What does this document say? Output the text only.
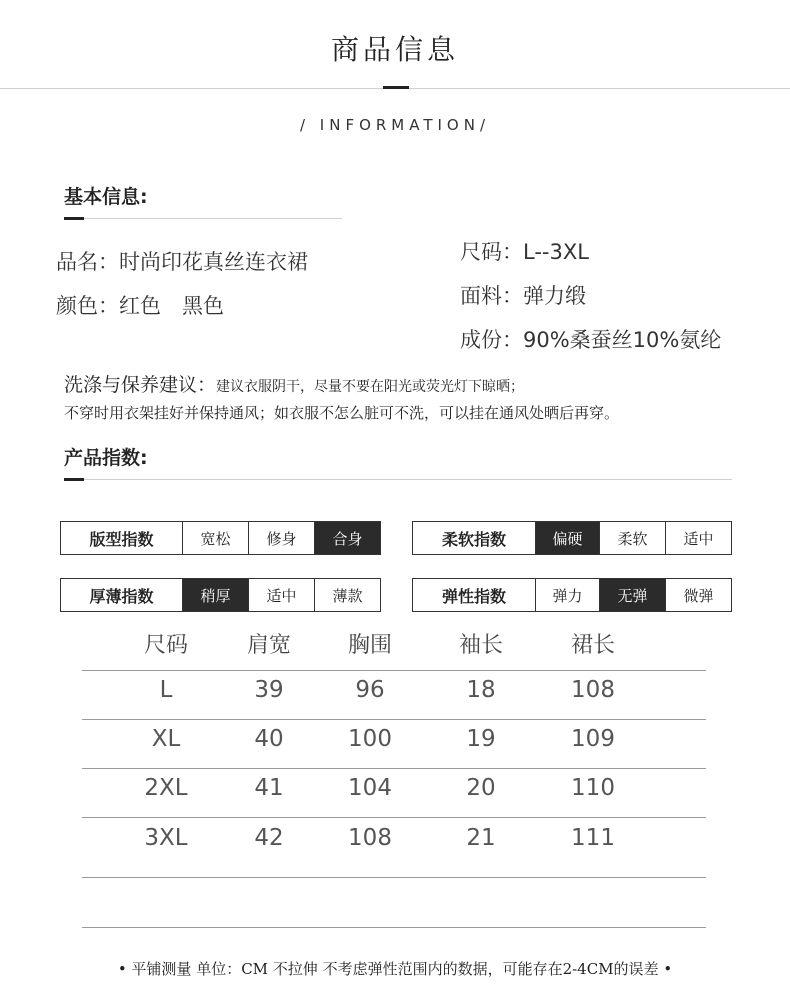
商品信息
/ INFORMATION/
基本信息:
品名：时尚印花真丝连衣裙
颜色：红色　黑色
尺码：L--3XL
面料：弹力缎
成份：90%桑蚕丝10%氨纶
洗涤与保养建议：建议衣服阴干，尽量不要在阳光或荧光灯下晾晒；
不穿时用衣架挂好并保持通风；如衣服不怎么脏可不洗，可以挂在通风处晒后再穿。
产品指数:
版型指数	宽松	修身	合身	柔软指数	偏硬	柔软	适中
厚薄指数	稍厚	适中	薄款	弹性指数	弹力	无弹	微弹
尺码	肩宽	胸围	袖长	裙长
L	39	96	18	108
XL	40	100	19	109
2XL	41	104	20	110
3XL	42	108	21	111
• 平铺测量 单位：CM 不拉伸 不考虑弹性范围内的数据，可能存在2-4CM的误差 •
